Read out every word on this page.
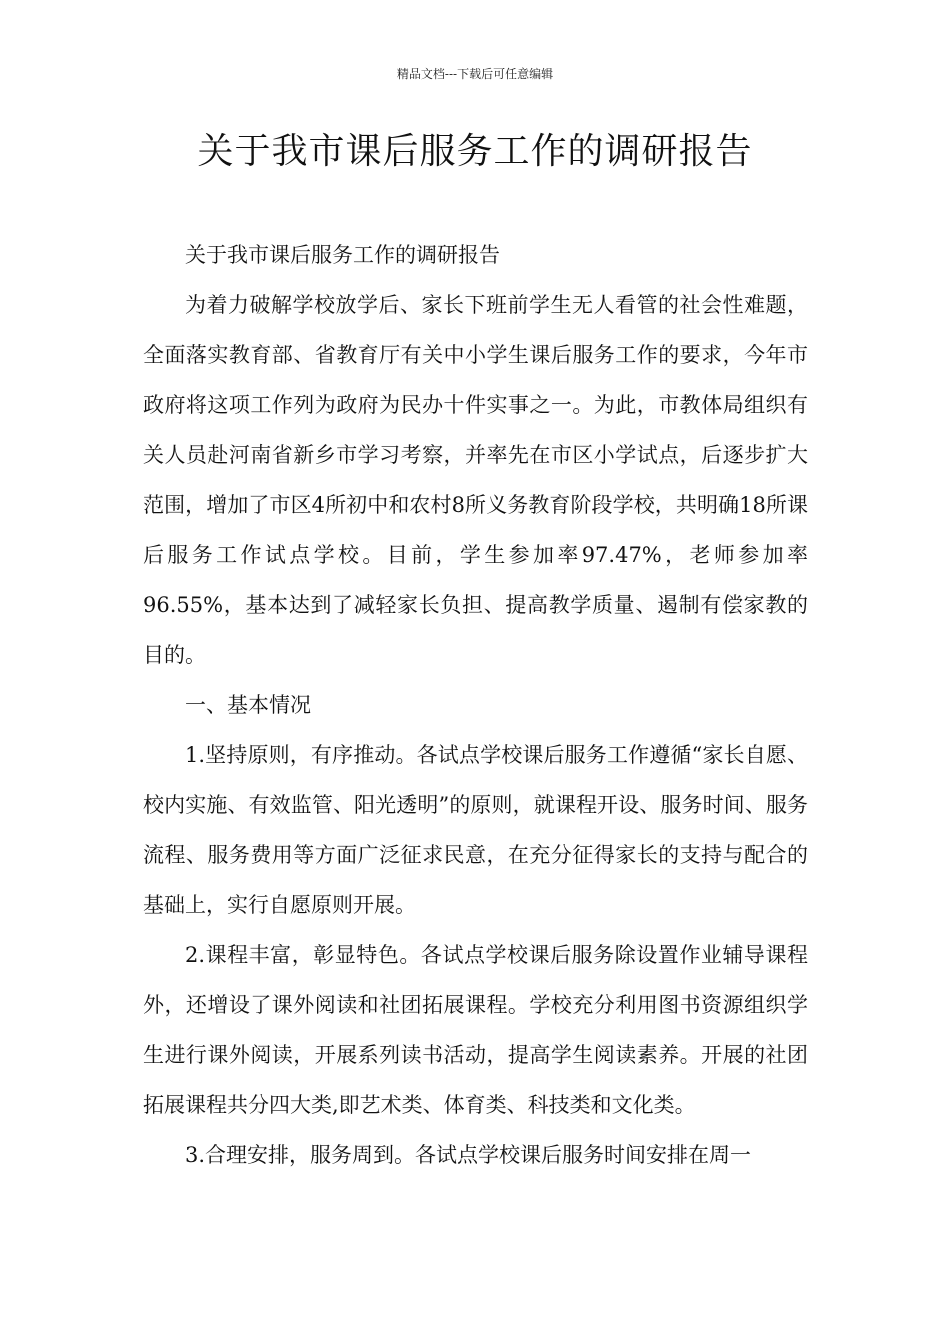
精品文档---下载后可任意编辑
关于我市课后服务工作的调研报告

关于我市课后服务工作的调研报告

为着力破解学校放学后、家长下班前学生无人看管的社会性难题，全面落实教育部、省教育厅有关中小学生课后服务工作的要求，今年市政府将这项工作列为政府为民办十件实事之一。为此，市教体局组织有关人员赴河南省新乡市学习考察，并率先在市区小学试点，后逐步扩大范围，增加了市区4所初中和农村8所义务教育阶段学校，共明确18所课后服务工作试点学校。目前，学生参加率97.47%，老师参加率96.55%，基本达到了减轻家长负担、提高教学质量、遏制有偿家教的目的。

一、基本情况

1.坚持原则，有序推动。各试点学校课后服务工作遵循“家长自愿、校内实施、有效监管、阳光透明”的原则，就课程开设、服务时间、服务流程、服务费用等方面广泛征求民意，在充分征得家长的支持与配合的基础上，实行自愿原则开展。

2.课程丰富，彰显特色。各试点学校课后服务除设置作业辅导课程外，还增设了课外阅读和社团拓展课程。学校充分利用图书资源组织学生进行课外阅读，开展系列读书活动，提高学生阅读素养。开展的社团拓展课程共分四大类,即艺术类、体育类、科技类和文化类。

3.合理安排，服务周到。各试点学校课后服务时间安排在周一
